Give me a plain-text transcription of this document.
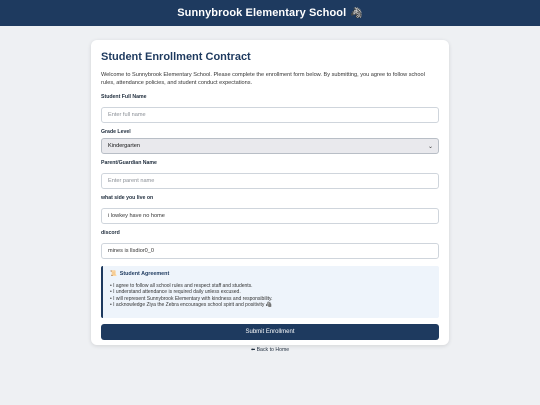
Sunnybrook Elementary School 🦓
Student Enrollment Contract

Welcome to Sunnybrook Elementary School. Please complete the enrollment form below. By submitting, you agree to follow school rules, attendance policies, and student conduct expectations.

Student Full Name
Enter full name
Grade Level
Kindergarten	⌄
Parent/Guardian Name
Enter parent name
what side you live on
i lowkey have no home
discord
mines is llsdior0_0
📜 Student Agreement
• I agree to follow all school rules and respect staff and students.
• I understand attendance is required daily unless excused.
• I will represent Sunnybrook Elementary with kindness and responsibility.
• I acknowledge Ziya the Zebra encourages school spirit and positivity 🦓
Submit Enrollment
⬅ Back to Home
